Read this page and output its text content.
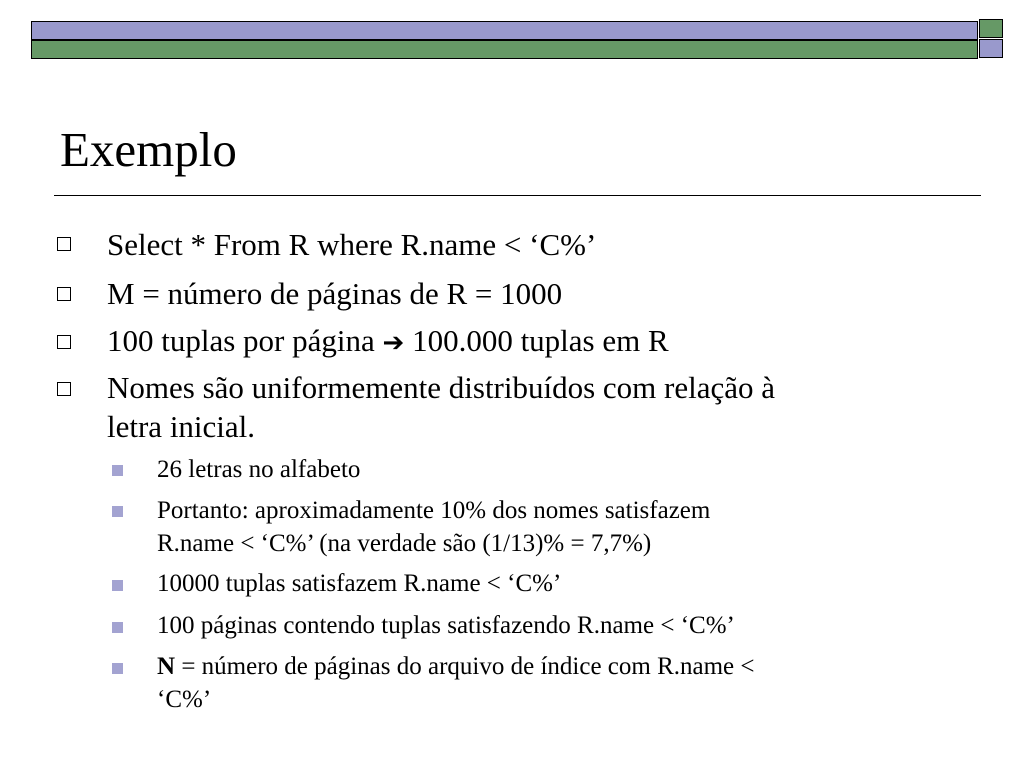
Exemplo
Select * From R where R.name < ‘C%’
M = número de páginas de R = 1000
100 tuplas por página ➔ 100.000 tuplas em R
Nomes são uniformemente distribuídos com relação à
letra inicial.
26 letras no alfabeto
Portanto: aproximadamente 10% dos nomes satisfazem
R.name < ‘C%’ (na verdade são (1/13)% = 7,7%)
10000 tuplas satisfazem R.name < ‘C%’
100 páginas contendo tuplas satisfazendo R.name < ‘C%’
N = número de páginas do arquivo de índice com R.name <
‘C%’
